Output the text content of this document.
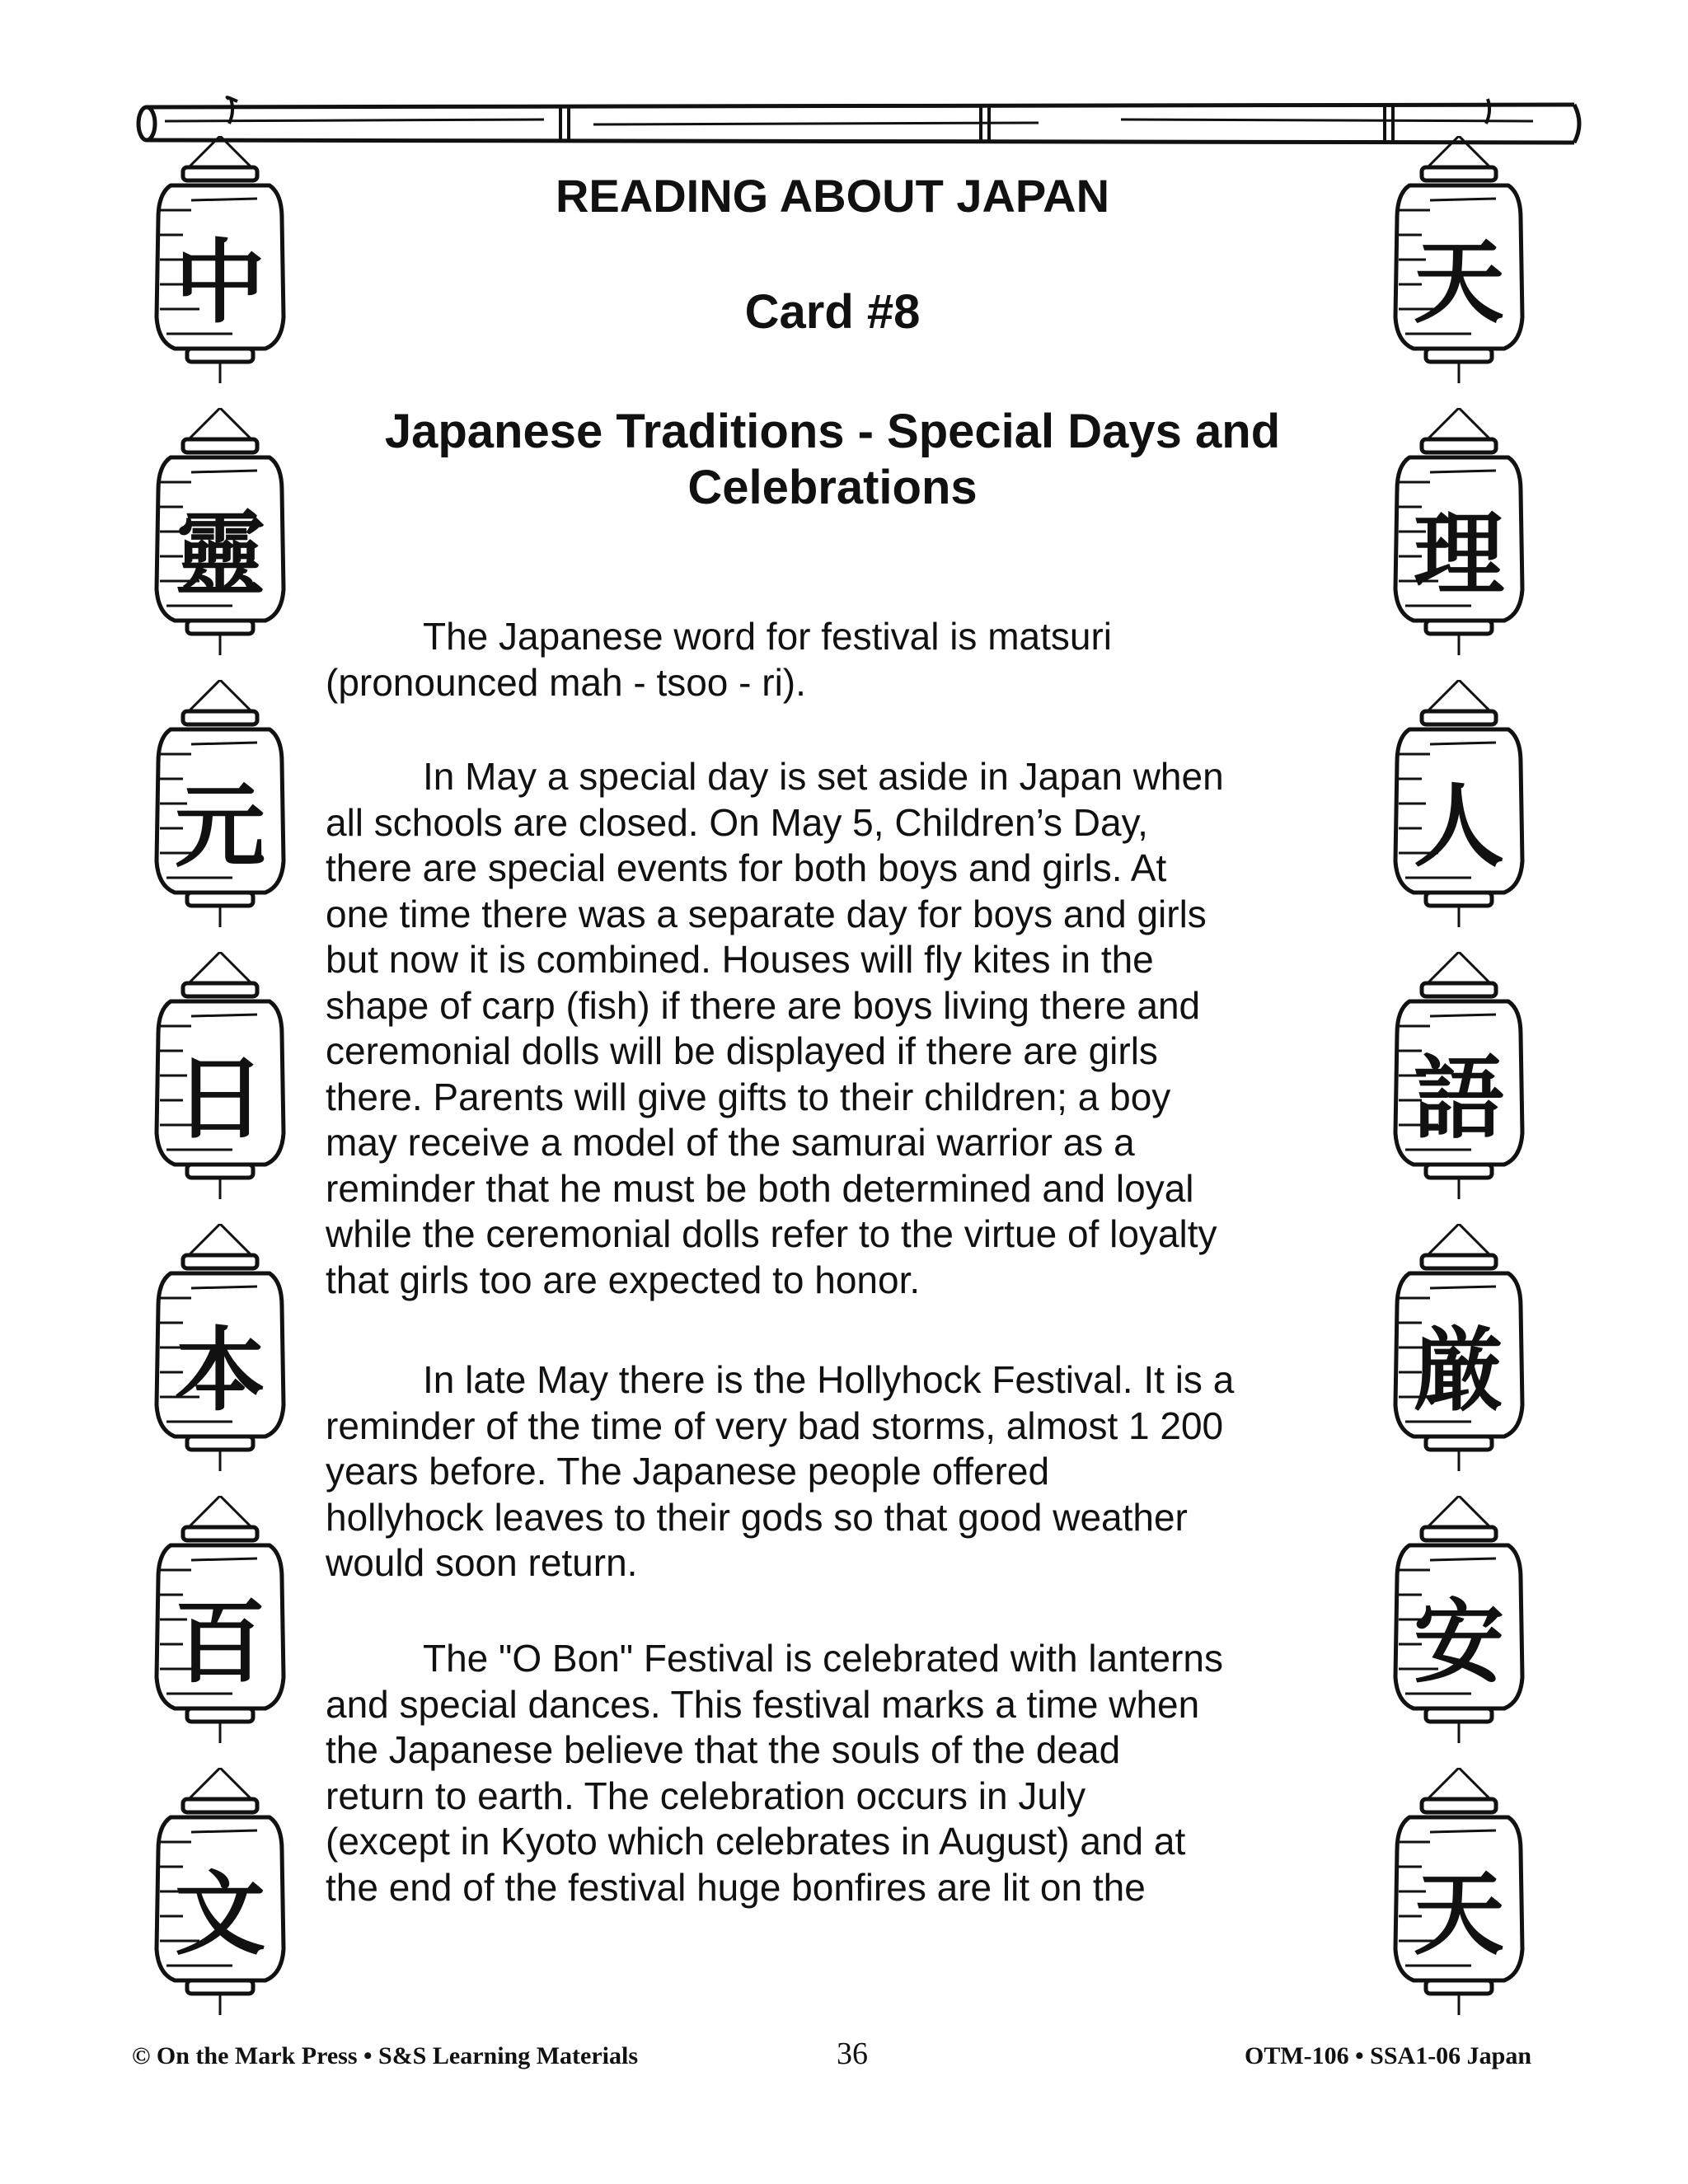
中
靈
元
日
本
百
文
天
理
人
語
厳
安
天
READING ABOUT JAPAN
Card #8
Japanese Traditions - Special Days and
Celebrations
The Japanese word for festival is matsuri
(pronounced mah - tsoo - ri).
In May a special day is set aside in Japan when
all schools are closed. On May 5, Children’s Day,
there are special events for both boys and girls. At
one time there was a separate day for boys and girls
but now it is combined. Houses will fly kites in the
shape of carp (fish) if there are boys living there and
ceremonial dolls will be displayed if there are girls
there. Parents will give gifts to their children; a boy
may receive a model of the samurai warrior as a
reminder that he must be both determined and loyal
while the ceremonial dolls refer to the virtue of loyalty
that girls too are expected to honor.
In late May there is the Hollyhock Festival. It is a
reminder of the time of very bad storms, almost 1 200
years before. The Japanese people offered
hollyhock leaves to their gods so that good weather
would soon return.
The "O Bon" Festival is celebrated with lanterns
and special dances. This festival marks a time when
the Japanese believe that the souls of the dead
return to earth. The celebration occurs in July
(except in Kyoto which celebrates in August) and at
the end of the festival huge bonfires are lit on the
© On the Mark Press • S&S Learning Materials	36	OTM-106 • SSA1-06 Japan
